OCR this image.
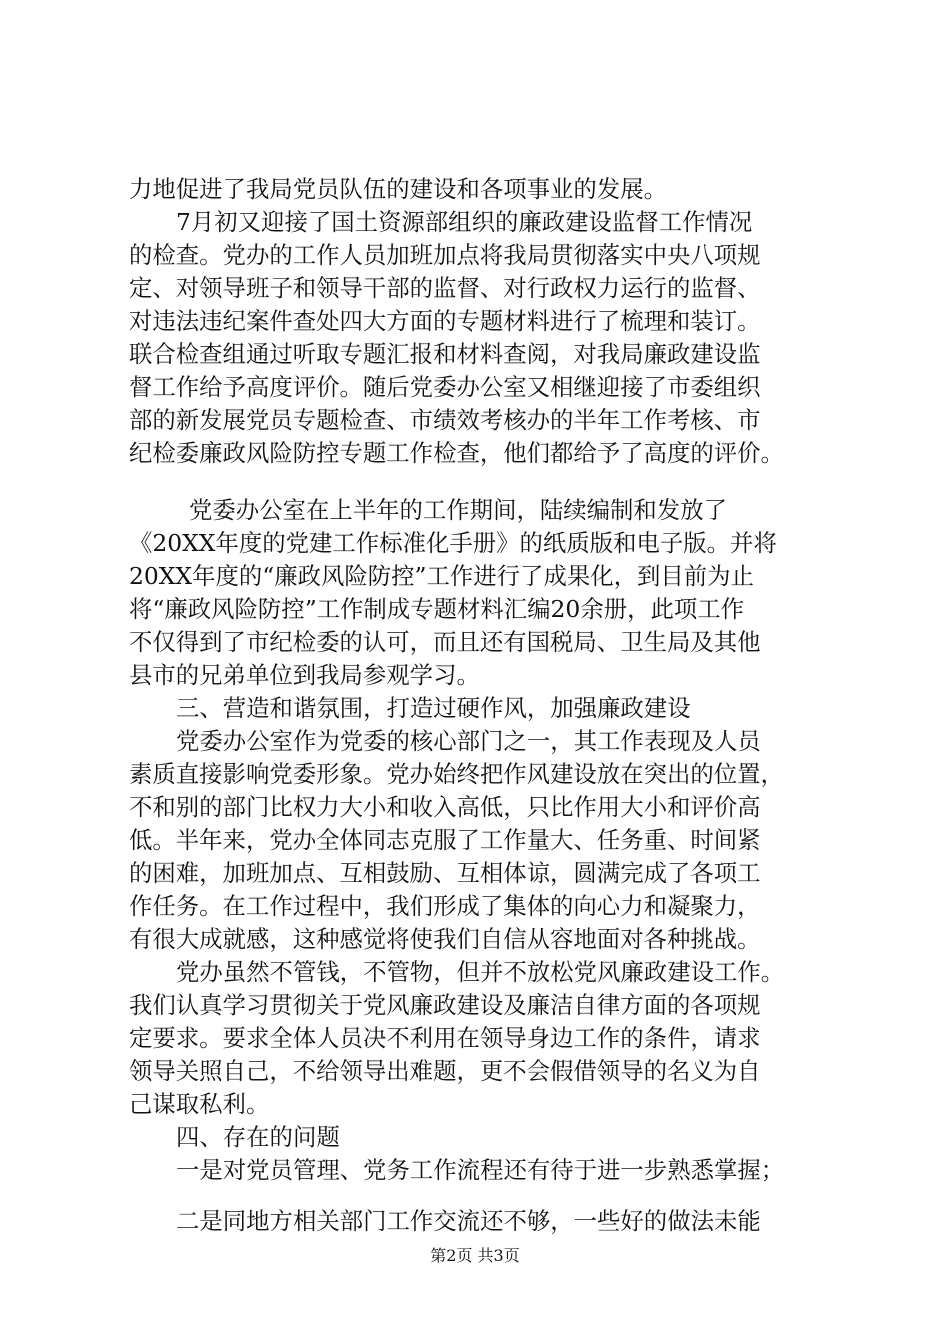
力地促进了我局党员队伍的建设和各项事业的发展。
7月初又迎接了国土资源部组织的廉政建设监督工作情况
的检查。党办的工作人员加班加点将我局贯彻落实中央八项规
定、对领导班子和领导干部的监督、对行政权力运行的监督、
对违法违纪案件查处四大方面的专题材料进行了梳理和装订。
联合检查组通过听取专题汇报和材料查阅，对我局廉政建设监
督工作给予高度评价。随后党委办公室又相继迎接了市委组织
部的新发展党员专题检查、市绩效考核办的半年工作考核、市
纪检委廉政风险防控专题工作检查，他们都给予了高度的评价。
党委办公室在上半年的工作期间，陆续编制和发放了
《20XX年度的党建工作标准化手册》的纸质版和电子版。并将
20XX年度的“廉政风险防控”工作进行了成果化，到目前为止
将“廉政风险防控”工作制成专题材料汇编20余册，此项工作
不仅得到了市纪检委的认可，而且还有国税局、卫生局及其他
县市的兄弟单位到我局参观学习。
三、营造和谐氛围，打造过硬作风，加强廉政建设
党委办公室作为党委的核心部门之一，其工作表现及人员
素质直接影响党委形象。党办始终把作风建设放在突出的位置，
不和别的部门比权力大小和收入高低，只比作用大小和评价高
低。半年来，党办全体同志克服了工作量大、任务重、时间紧
的困难，加班加点、互相鼓励、互相体谅，圆满完成了各项工
作任务。在工作过程中，我们形成了集体的向心力和凝聚力，
有很大成就感，这种感觉将使我们自信从容地面对各种挑战。
党办虽然不管钱，不管物，但并不放松党风廉政建设工作。
我们认真学习贯彻关于党风廉政建设及廉洁自律方面的各项规
定要求。要求全体人员决不利用在领导身边工作的条件，请求
领导关照自己，不给领导出难题，更不会假借领导的名义为自
己谋取私利。
四、存在的问题
一是对党员管理、党务工作流程还有待于进一步熟悉掌握；
二是同地方相关部门工作交流还不够，一些好的做法未能
第2页 共3页
